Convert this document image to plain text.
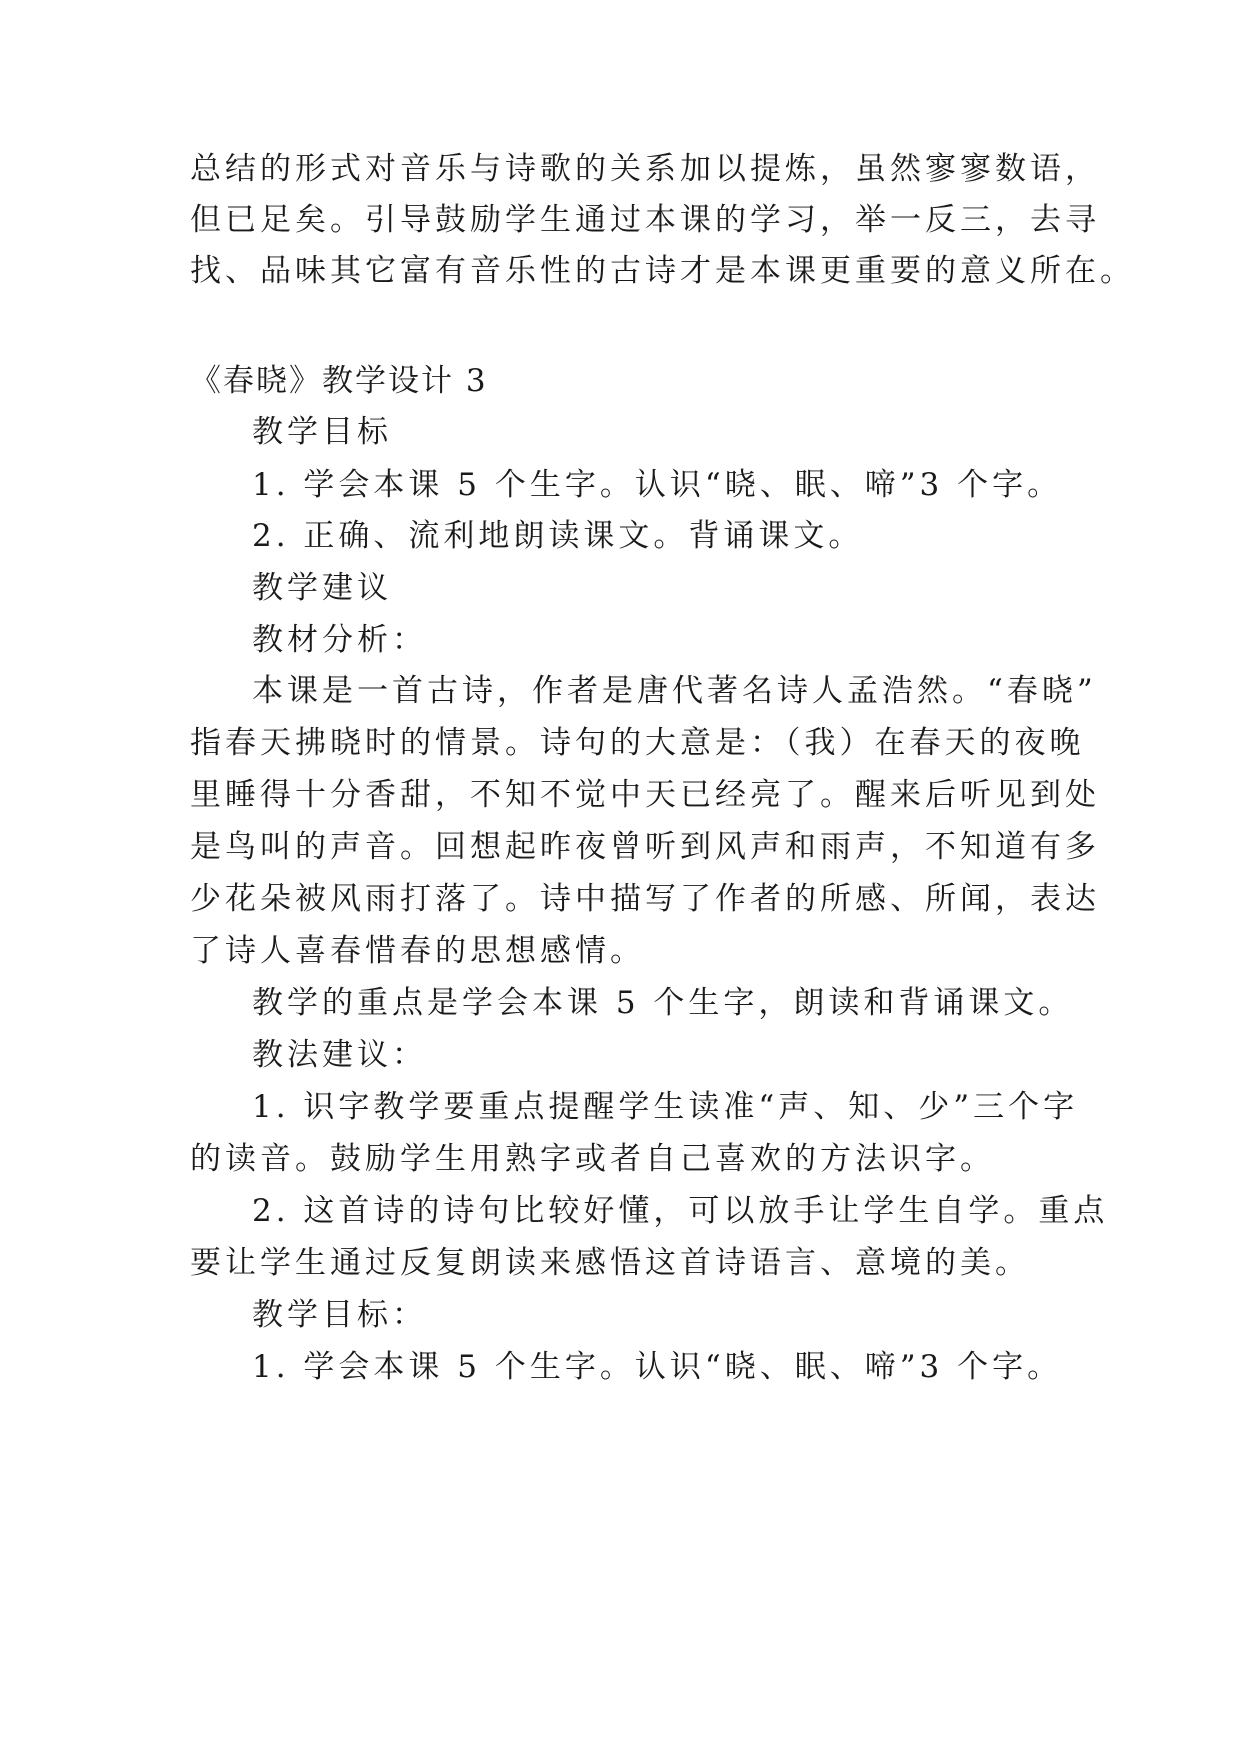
总结的形式对音乐与诗歌的关系加以提炼，虽然寥寥数语，
但已足矣。引导鼓励学生通过本课的学习，举一反三，去寻
找、品味其它富有音乐性的古诗才是本课更重要的意义所在。
《春晓》教学设计 3
教学目标
1. 学会本课 5 个生字。认识“晓、眠、啼”3 个字。
2. 正确、流利地朗读课文。背诵课文。
教学建议
教材分析：
本课是一首古诗，作者是唐代著名诗人孟浩然。“春晓”
指春天拂晓时的情景。诗句的大意是：（我）在春天的夜晚
里睡得十分香甜，不知不觉中天已经亮了。醒来后听见到处
是鸟叫的声音。回想起昨夜曾听到风声和雨声，不知道有多
少花朵被风雨打落了。诗中描写了作者的所感、所闻，表达
了诗人喜春惜春的思想感情。
教学的重点是学会本课 5 个生字，朗读和背诵课文。
教法建议：
1. 识字教学要重点提醒学生读准“声、知、少”三个字
的读音。鼓励学生用熟字或者自己喜欢的方法识字。
2. 这首诗的诗句比较好懂，可以放手让学生自学。重点
要让学生通过反复朗读来感悟这首诗语言、意境的美。
教学目标：
1. 学会本课 5 个生字。认识“晓、眠、啼”3 个字。
